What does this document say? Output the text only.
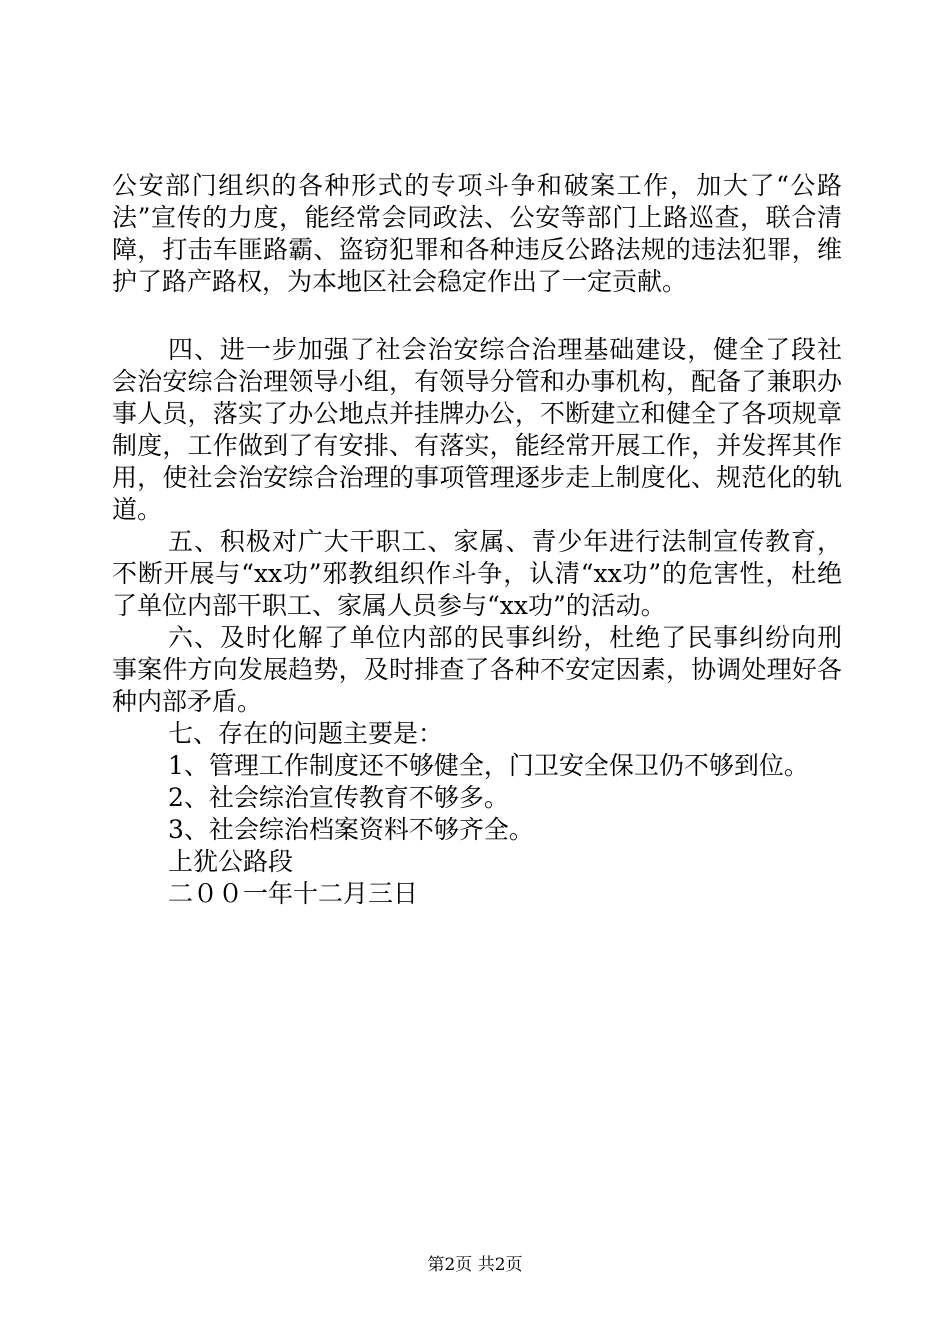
公安部门组织的各种形式的专项斗争和破案工作，加大了“公路法”宣传的力度，能经常会同政法、公安等部门上路巡查，联合清障，打击车匪路霸、盗窃犯罪和各种违反公路法规的违法犯罪，维护了路产路权，为本地区社会稳定作出了一定贡献。

四、进一步加强了社会治安综合治理基础建设，健全了段社会治安综合治理领导小组，有领导分管和办事机构，配备了兼职办事人员，落实了办公地点并挂牌办公，不断建立和健全了各项规章制度，工作做到了有安排、有落实，能经常开展工作，并发挥其作用，使社会治安综合治理的事项管理逐步走上制度化、规范化的轨道。

五、积极对广大干职工、家属、青少年进行法制宣传教育，不断开展与“xx功”邪教组织作斗争，认清“xx功”的危害性，杜绝了单位内部干职工、家属人员参与“xx功”的活动。

六、及时化解了单位内部的民事纠纷，杜绝了民事纠纷向刑事案件方向发展趋势，及时排查了各种不安定因素，协调处理好各种内部矛盾。

七、存在的问题主要是：

1、管理工作制度还不够健全，门卫安全保卫仍不够到位。

2、社会综治宣传教育不够多。

3、社会综治档案资料不够齐全。

上犹公路段

二００一年十二月三日

第2页 共2页
